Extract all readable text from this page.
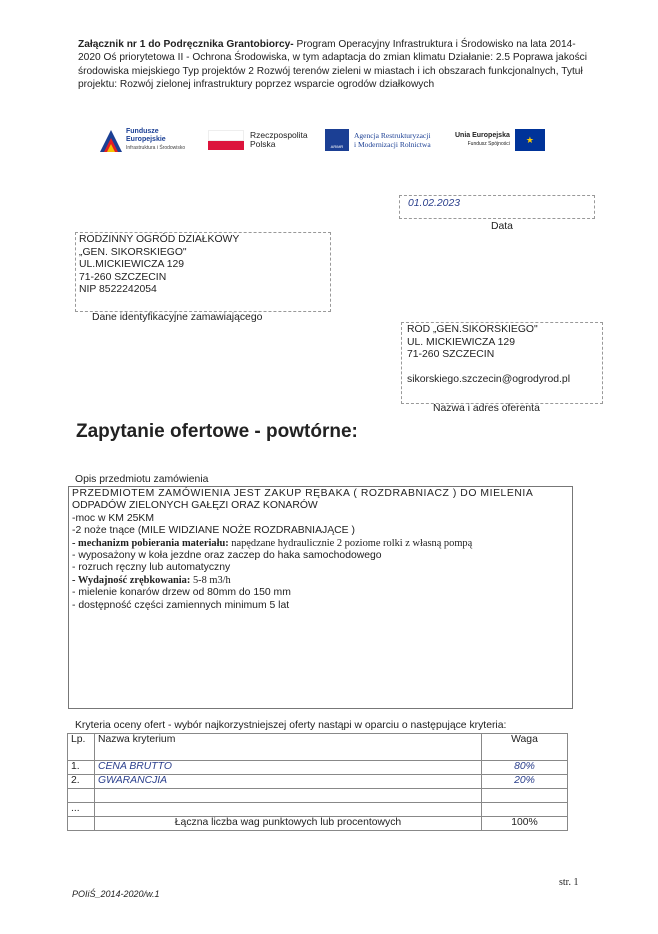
Załącznik nr 1 do Podręcznika Grantobiorcy- Program Operacyjny Infrastruktura i Środowisko na lata 2014-2020 Oś priorytetowa II - Ochrona Środowiska, w tym adaptacja do zmian klimatu Działanie: 2.5 Poprawa jakości środowiska miejskiego Typ projektów 2 Rozwój terenów zieleni w miastach i ich obszarach funkcjonalnych, Tytuł projektu: Rozwój zielonej infrastruktury poprzez wsparcie ogrodów działkowych
Fundusze
Europejskie
Infrastruktura i Środowisko
Rzeczpospolita
Polska	ARiMR
Agencja Restrukturyzacji
i Modernizacji Rolnictwa
Unia Europejska
Fundusz Spójności	★
01.02.2023
Data
RODZINNY OGRÓD DZIAŁKOWY
„GEN. SIKORSKIEGO"
UL.MICKIEWICZA 129
71-260 SZCZECIN
NIP 8522242054
Dane identyfikacyjne zamawiającego
ROD „GEN.SIKORSKIEGO"
UL. MICKIEWICZA 129
71-260 SZCZECIN
sikorskiego.szczecin@ogrodyrod.pl
Nazwa i adres oferenta
Zapytanie ofertowe - powtórne:
Opis przedmiotu zamówienia
PRZEDMIOTEM ZAMÓWIENIA JEST ZAKUP RĘBAKA ( ROZDRABNIACZ ) DO MIELENIA
ODPADÓW ZIELONYCH GAŁĘZI ORAZ KONARÓW
-moc w KM 25KM
-2 noże tnące (MILE WIDZIANE NOŻE ROZDRABNIAJĄCE )
- mechanizm pobierania materiału: napędzane hydraulicznie 2 poziome rolki z własną pompą
- wyposażony w koła jezdne oraz zaczep do haka samochodowego
- rozruch ręczny lub automatyczny
- Wydajność zrębkowania: 5-8 m3/h
- mielenie konarów drzew od 80mm do 150 mm
- dostępność części zamiennych minimum 5 lat
Kryteria oceny ofert - wybór najkorzystniejszej oferty nastąpi w oparciu o następujące kryteria:
Lp.	Nazwa kryterium	Waga
1.	CENA BRUTTO	80%
2.	GWARANCJIA	20%

...		
	Łączna liczba wag punktowych lub procentowych	100%
POIiŚ_2014-2020/w.1
str. 1
